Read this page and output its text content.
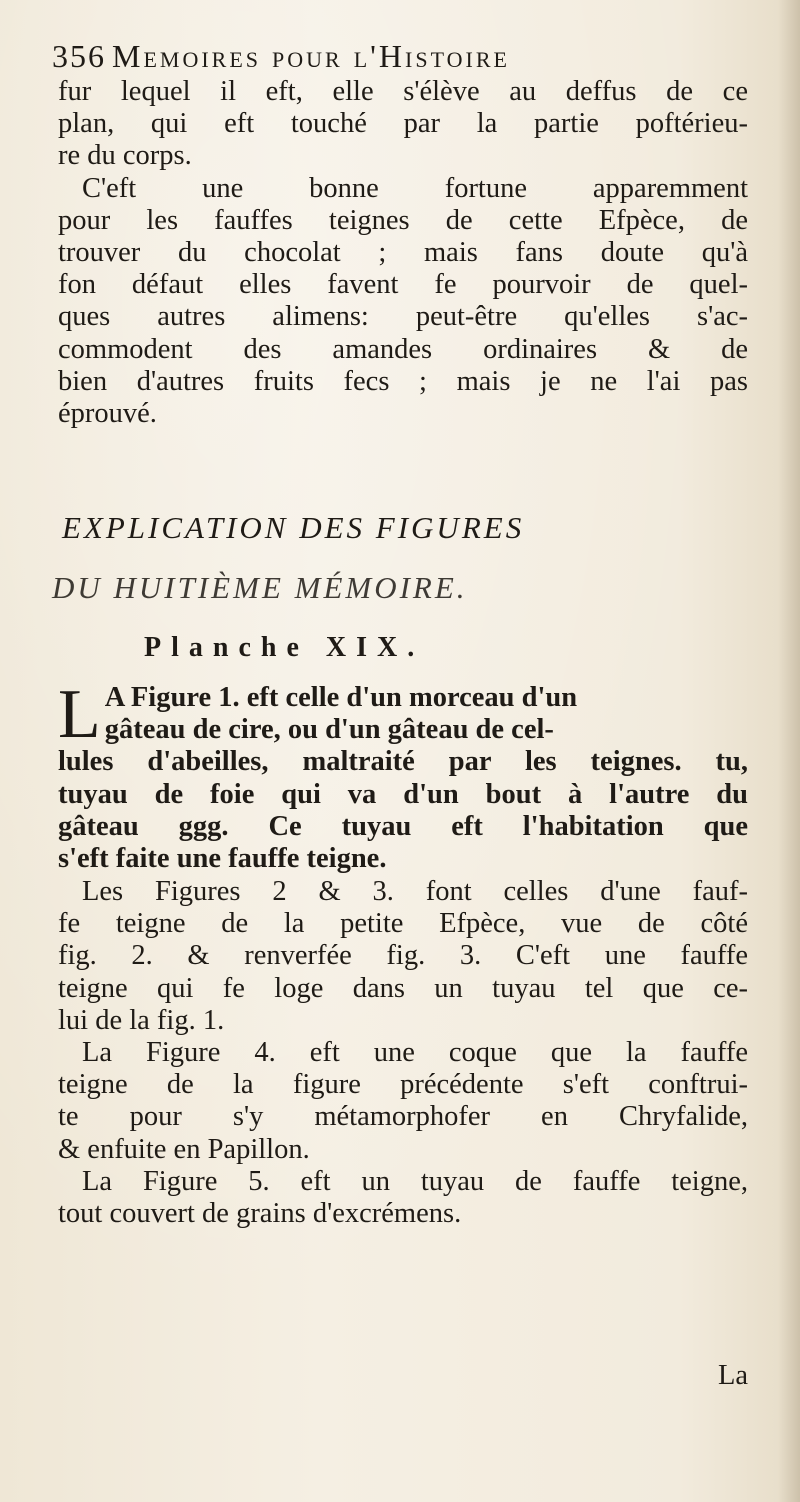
356 Memoires pour l'Histoire
fur lequel il eft, elle s'élève au deffus de ce
plan, qui eft touché par la partie poftérieu-
re du corps.
C'eft une bonne fortune apparemment
pour les fauffes teignes de cette Efpèce, de
trouver du chocolat ; mais fans doute qu'à
fon défaut elles favent fe pourvoir de quel-
ques autres alimens: peut-être qu'elles s'ac-
commodent des amandes ordinaires & de
bien d'autres fruits fecs ; mais je ne l'ai pas
éprouvé.
EXPLICATION DES FIGURES
DU HUITIÈME MÉMOIRE.
Planche XIX.
L A Figure 1. eft celle d'un morceau d'un
gâteau de cire, ou d'un gâteau de cel-
lules d'abeilles, maltraité par les teignes. tu,
tuyau de foie qui va d'un bout à l'autre du
gâteau ggg. Ce tuyau eft l'habitation que
s'eft faite une fauffe teigne.
Les Figures 2 & 3. font celles d'une fauf-
fe teigne de la petite Efpèce, vue de côté
fig. 2. & renverfée fig. 3. C'eft une fauffe
teigne qui fe loge dans un tuyau tel que ce-
lui de la fig. 1.
La Figure 4. eft une coque que la fauffe
teigne de la figure précédente s'eft conftrui-
te pour s'y métamorphofer en Chryfalide,
& enfuite en Papillon.
La Figure 5. eft un tuyau de fauffe teigne,
tout couvert de grains d'excrémens.
La
